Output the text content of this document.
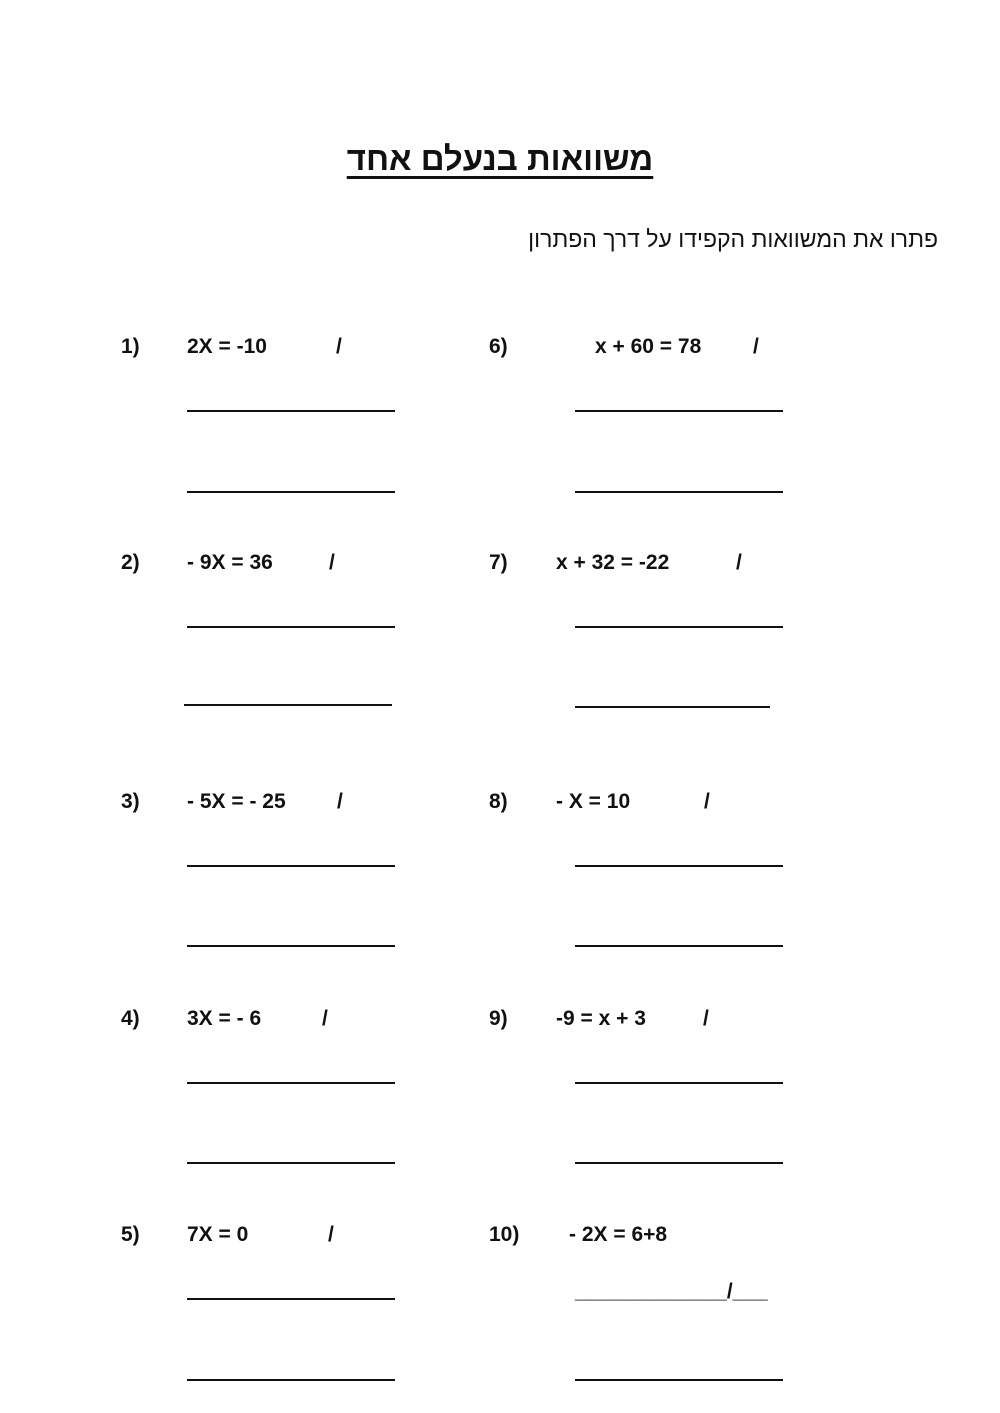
משוואות בנעלם אחד
פתרו את המשוואות הקפידו על דרך הפתרון
1) 2X = -10	/
2) - 9X = 36	/
3) - 5X = - 25 /
4) 3X = - 6	/
5) 7X = 0	/
6)	x + 60 = 78 /
7) x + 32 = -22	/
8) - X = 10	/
9) -9 = x + 3	/
10) - 2X = 6+8
_____________/___
